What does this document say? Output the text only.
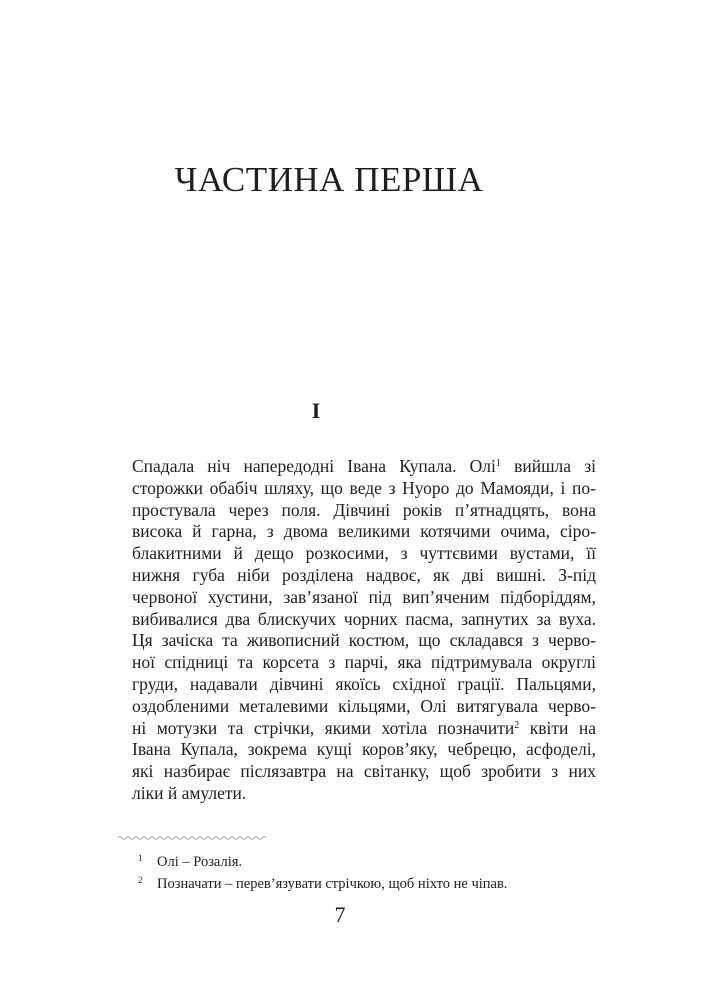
ЧАСТИНА ПЕРША
I
Спадала ніч напередодні Івана Купала. Олі$^1$ вийшла зі
сторожки обабіч шляху, що веде з Нуоро до Мамояди, і по-
простувала через поля. Дівчині років п’ятнадцять, вона
висока й гарна, з двома великими котячими очима, сіро-
блакитними й дещо розкосими, з чуттєвими вустами, її
нижня губа ніби розділена надвоє, як дві вишні. З-під
червоної хустини, зав’язаної під вип’яченим підборіддям,
вибивалися два блискучих чорних пасма, запнутих за вуха.
Ця зачіска та живописний костюм, що складався з черво-
ної спідниці та корсета з парчі, яка підтримувала округлі
груди, надавали дівчині якоїсь східної грації. Пальцями,
оздобленими металевими кільцями, Олі витягувала черво-
ні мотузки та стрічки, якими хотіла позначити$^2$ квіти на
Івана Купала, зокрема кущі коров’яку, чебрецю, асфоделі,
які назбирає післязавтра на світанку, щоб зробити з них
ліки й амулети.
1 Олі – Розалія.
2 Позначати – перев’язувати стрічкою, щоб ніхто не чіпав.
7
